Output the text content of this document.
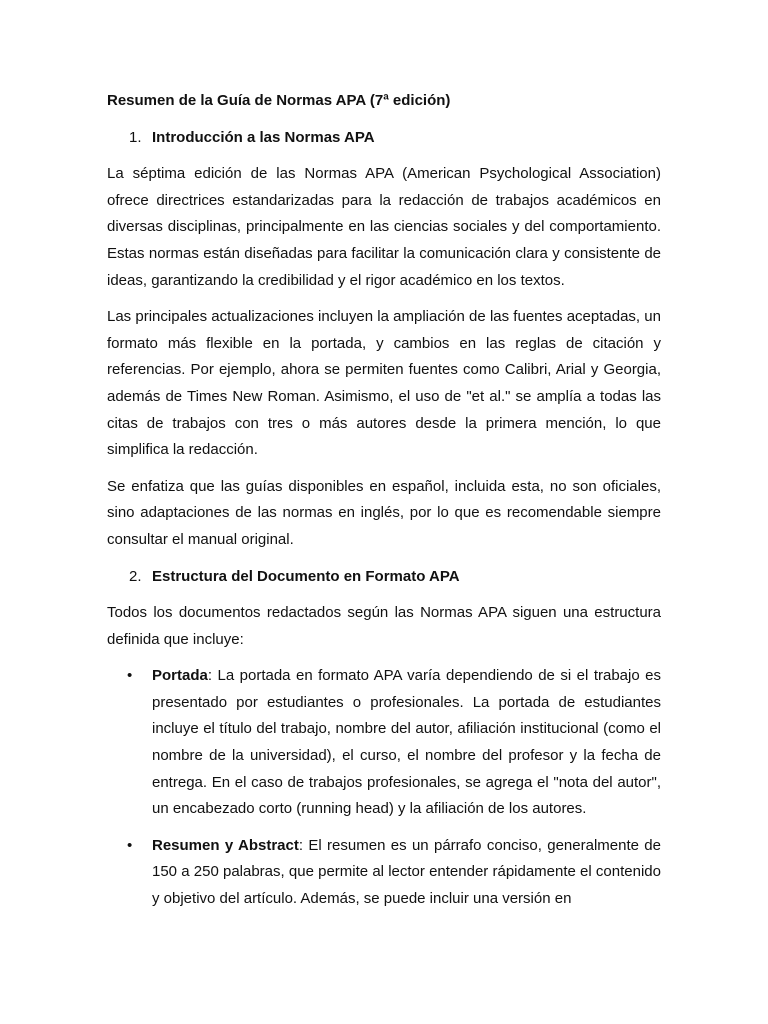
Resumen de la Guía de Normas APA (7ª edición)
1. Introducción a las Normas APA

La séptima edición de las Normas APA (American Psychological Association) ofrece directrices estandarizadas para la redacción de trabajos académicos en diversas disciplinas, principalmente en las ciencias sociales y del comportamiento. Estas normas están diseñadas para facilitar la comunicación clara y consistente de ideas, garantizando la credibilidad y el rigor académico en los textos.

Las principales actualizaciones incluyen la ampliación de las fuentes aceptadas, un formato más flexible en la portada, y cambios en las reglas de citación y referencias. Por ejemplo, ahora se permiten fuentes como Calibri, Arial y Georgia, además de Times New Roman. Asimismo, el uso de "et al." se amplía a todas las citas de trabajos con tres o más autores desde la primera mención, lo que simplifica la redacción.

Se enfatiza que las guías disponibles en español, incluida esta, no son oficiales, sino adaptaciones de las normas en inglés, por lo que es recomendable siempre consultar el manual original.

2. Estructura del Documento en Formato APA

Todos los documentos redactados según las Normas APA siguen una estructura definida que incluye:

• Portada: La portada en formato APA varía dependiendo de si el trabajo es presentado por estudiantes o profesionales. La portada de estudiantes incluye el título del trabajo, nombre del autor, afiliación institucional (como el nombre de la universidad), el curso, el nombre del profesor y la fecha de entrega. En el caso de trabajos profesionales, se agrega el "nota del autor", un encabezado corto (running head) y la afiliación de los autores.
• Resumen y Abstract: El resumen es un párrafo conciso, generalmente de 150 a 250 palabras, que permite al lector entender rápidamente el contenido y objetivo del artículo. Además, se puede incluir una versión en
